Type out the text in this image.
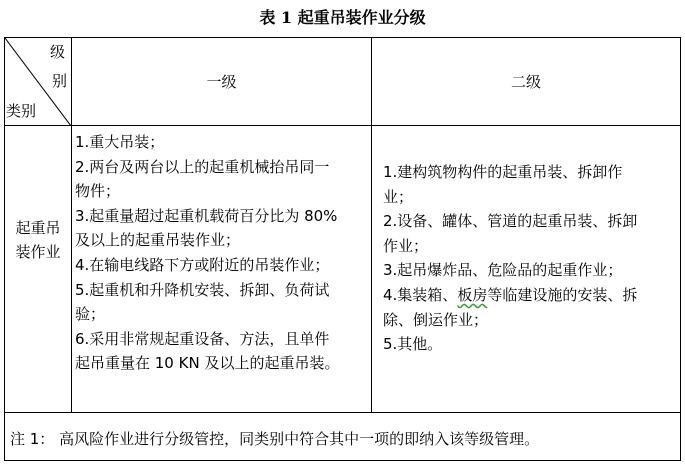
表 1 起重吊装作业分级
级
别
类别
一级	二级
起重吊
装作业
1.重大吊装；
2.两台及两台以上的起重机械抬吊同一
物件；
3.起重量超过起重机载荷百分比为 80%
及以上的起重吊装作业；
4.在输电线路下方或附近的吊装作业；
5.起重机和升降机安装、拆卸、负荷试
验；
6.采用非常规起重设备、方法，且单件
起吊重量在 10 KN 及以上的起重吊装。
1.建构筑物构件的起重吊装、拆卸作
业；
2.设备、罐体、管道的起重吊装、拆卸
作业；
3.起吊爆炸品、危险品的起重作业；
4.集装箱、板房等临建设施的安装、拆
除、倒运作业；
5.其他。
注 1： 高风险作业进行分级管控，同类别中符合其中一项的即纳入该等级管理。
